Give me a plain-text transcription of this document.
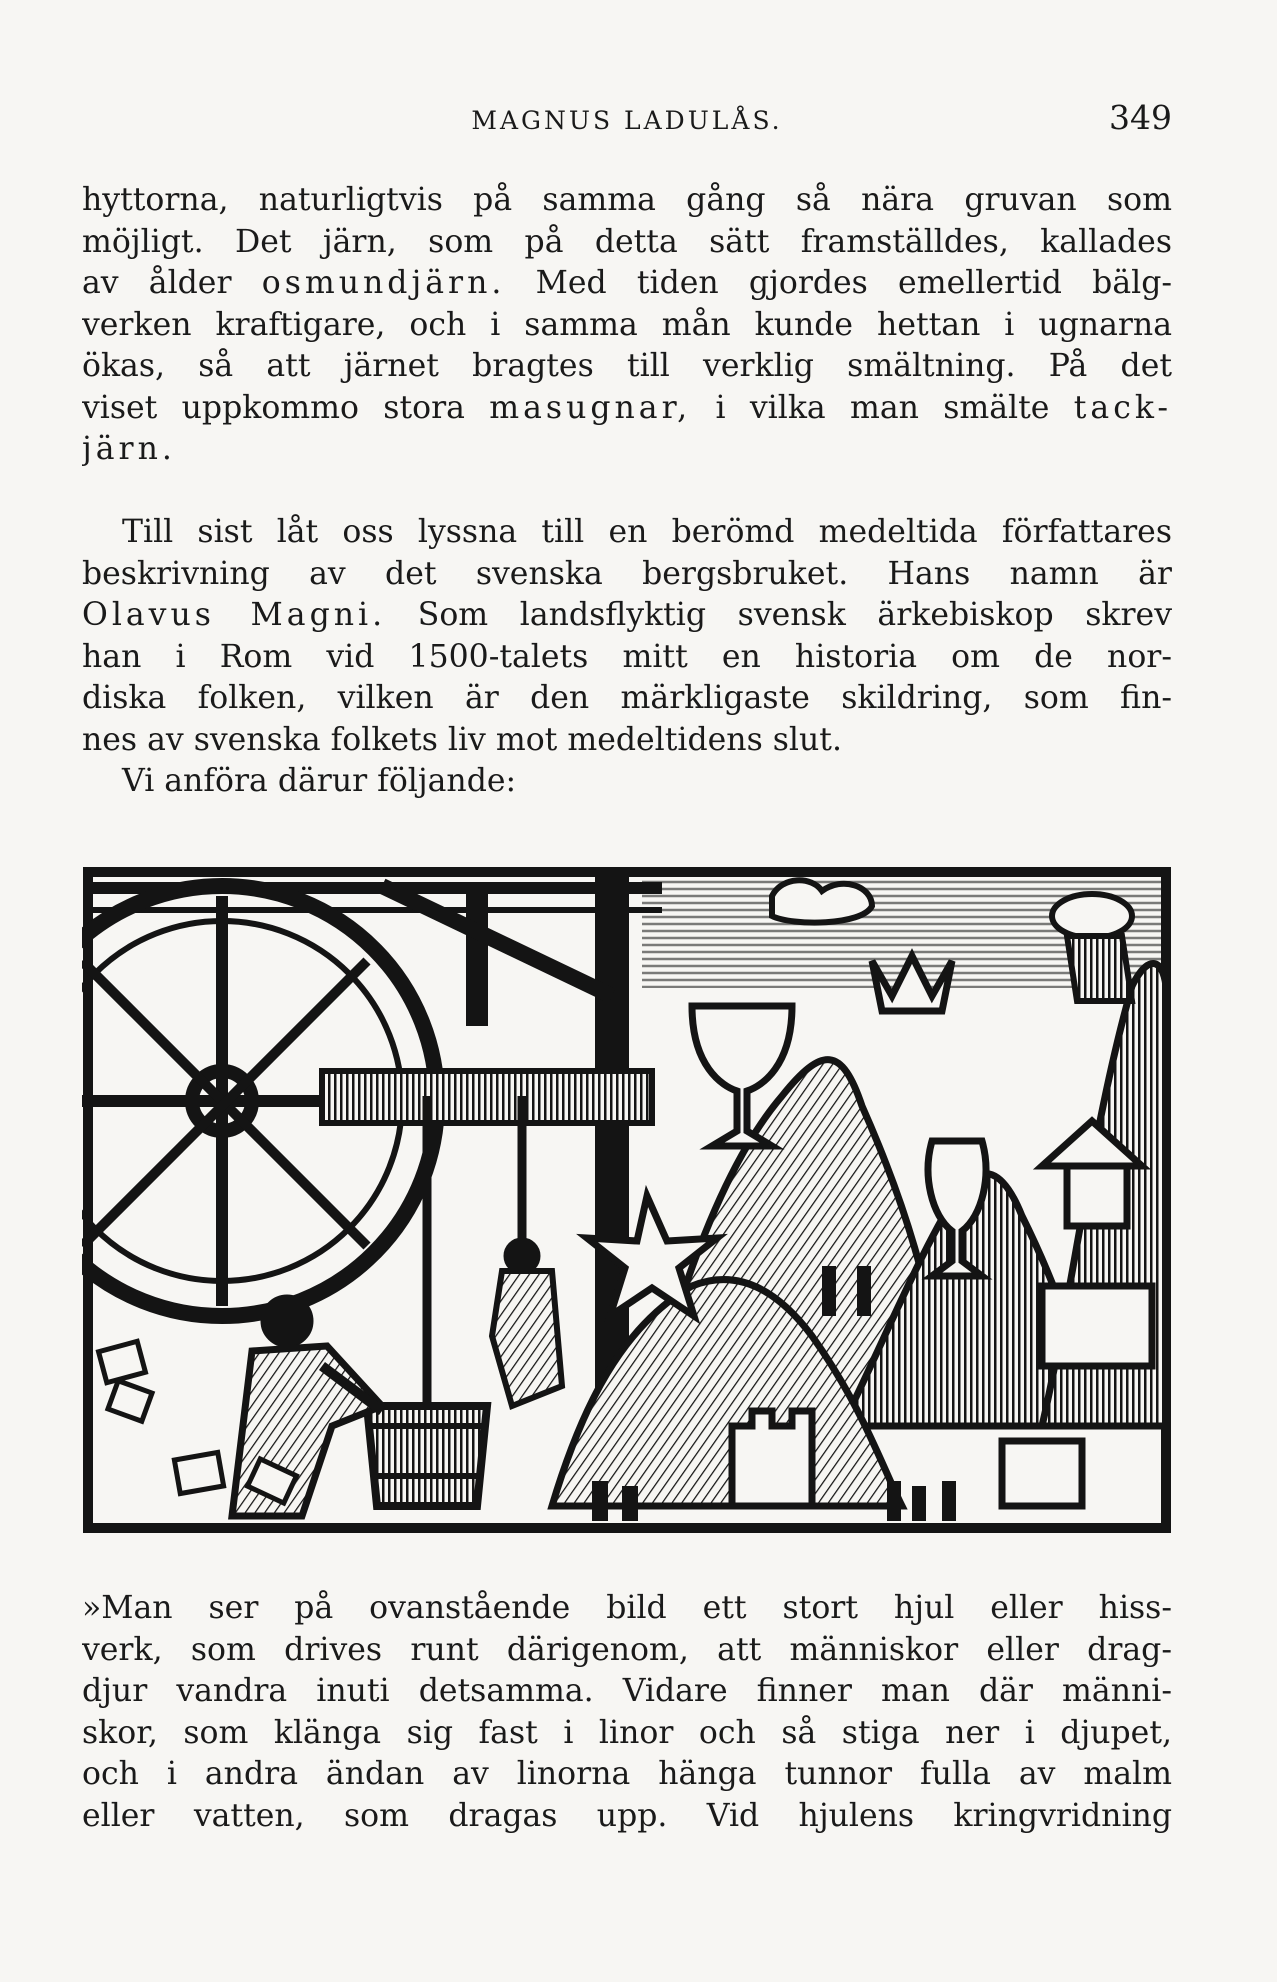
MAGNUS LADULÅS.	349
hyttorna, naturligtvis på samma gång så nära gruvan som
möjligt. Det järn, som på detta sätt framställdes, kallades
av ålder osmundjärn. Med tiden gjordes emellertid bälg-
verken kraftigare, och i samma mån kunde hettan i ugnarna
ökas, så att järnet bragtes till verklig smältning. På det
viset uppkommo stora masugnar, i vilka man smälte tack-
järn.
Till sist låt oss lyssna till en berömd medeltida författares
beskrivning av det svenska bergsbruket. Hans namn är
Olavus Magni. Som landsflyktig svensk ärkebiskop skrev
han i Rom vid 1500-talets mitt en historia om de nor-
diska folken, vilken är den märkligaste skildring, som fin-
nes av svenska folkets liv mot medeltidens slut.
Vi anföra därur följande:
»Man ser på ovanstående bild ett stort hjul eller hiss-
verk, som drives runt därigenom, att människor eller drag-
djur vandra inuti detsamma. Vidare finner man där männi-
skor, som klänga sig fast i linor och så stiga ner i djupet,
och i andra ändan av linorna hänga tunnor fulla av malm
eller vatten, som dragas upp. Vid hjulens kringvridning
